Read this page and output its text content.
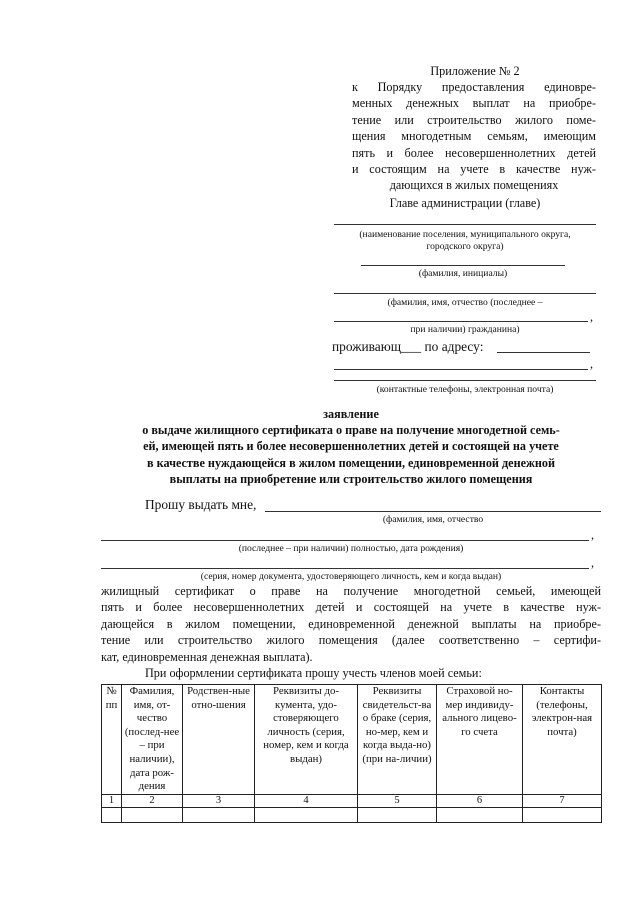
Приложение № 2
к Порядку предоставления единовре-
менных денежных выплат на приобре-
тение или строительство жилого поме-
щения многодетным семьям, имеющим
пять и более несовершеннолетних детей
и состоящим на учете в качестве нуж-
дающихся в жилых помещениях
Главе администрации (главе)
(наименование поселения, муниципального округа,
городского округа)
(фамилия, инициалы)
(фамилия, имя, отчество (последнее –
,
при наличии) гражданина)
проживающ___ по адресу:
,
(контактные телефоны, электронная почта)
заявление
о выдаче жилищного сертификата о праве на получение многодетной семь-
ей, имеющей пять и более несовершеннолетних детей и состоящей на учете
в качестве нуждающейся в жилом помещении, единовременной денежной
выплаты на приобретение или строительство жилого помещения
Прошу выдать мне,
(фамилия, имя, отчество
,
(последнее – при наличии) полностью, дата рождения)
,
(серия, номер документа, удостоверяющего личность, кем и когда выдан)
жилищный сертификат о праве на получение многодетной семьей, имеющей
пять и более несовершеннолетних детей и состоящей на учете в качестве нуж-
дающейся в жилом помещении, единовременной денежной выплаты на приобре-
тение или строительство жилого помещения (далее соответственно – сертифи-
кат, единовременная денежная выплата).
При оформлении сертификата прошу учесть членов моей семьи:
№ пп	Фамилия, имя, от-чество (послед-нее – при наличии), дата рож-дения	Родствен-ные отно-шения	Реквизиты до-кумента, удо-стоверяющего личность (серия, номер, кем и когда выдан)	Реквизиты свидетельст-ва о браке (серия, но-мер, кем и когда выда-но) (при на-личии)	Страховой но-мер индивиду-ального лицево-го счета	Контакты (телефоны, электрон-ная почта)
1	2	3	4	5	6	7
